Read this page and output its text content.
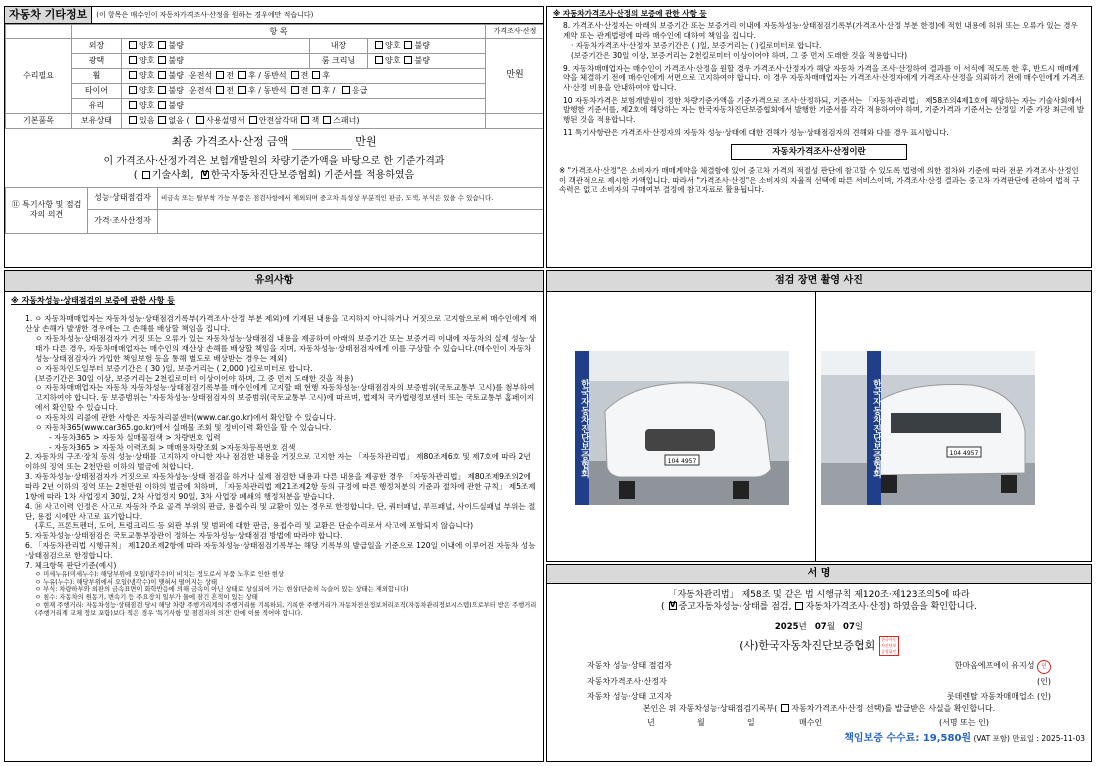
자동차 기타정보	(이 항목은 매수인이 자동차가격조사·산정을 원하는 경우에만 적습니다)
	항 목				가격조사·산정
수리필요	외장	양호 불량	내장	양호 불량	만원
	광택	양호 불량	룸 크리닝	양호 불량	
	휠	양호 불량 운전석 전 후 / 동반석 전 후			
	타이어	양호 불량 운전석 전 후 / 동반석 전 후 / 응급			
	유리	양호 불량			
기본품목	보유상태	있음 없음 ( 사용설명서 안전삼각대 잭 스패너)			
최종 가격조사·산정 금액	만원
이 가격조사·산정가격은 보험개발원의 차량기준가액을 바탕으로 한 기준가격과
( 기술사회, V 한국자동차진단보증협회) 기준서를 적용하였음
⑪ 특기사항 및 점검자의 의견	성능·상태점검자	비금속 또는 탈부착 가능 부품은 점검사항에서 제외되며 중고차 특성상 부분적인 판금, 도색, 부식은 있을 수 있습니다.
	가격·조사산정자	
※ 자동차가격조사·산정의 보증에 관한 사항 등
8. 가격조사·산정자는 아래의 보증기간 또는 보증거리 이내에 자동차성능·상태점검기록부(가격조사·산정 부분 한정)에 적힌 내용에 허위 또는 오류가 있는 경우 계약 또는 관계법령에 따라 매수인에 대하여 책임을 집니다.
· 자동차가격조사·산정자 보증기간은 ( )일, 보증거리는 ( )킬로미터로 합니다.
(보증기간은 30일 이상, 보증거리는 2천킬로미터 이상이어야 하며, 그 중 먼저 도래한 것을 적용합니다)
9. 자동차매매업자는 매수인이 가격조사·산정을 원할 경우 가격조사·산정자가 해당 자동차 가격을 조사·산정하여 결과를 이 서식에 적도록 한 후, 반드시 매매계약을 체결하기 전에 매수인에게 서면으로 고지하여야 합니다. 이 경우 자동차매매업자는 가격조사·산정자에게 가격조사·산정을 의뢰하기 전에 매수인에게 가격조사·산정 비용을 안내하여야 합니다.
10 자동차가격은 보험개발원이 정한 차량기준가액을 기준가격으로 조사·산정하되, 기준서는 「자동차관리법」 제58조의4제1호에 해당하는 자는 기술사회에서 발행한 기준서를, 제2호에 해당하는 자는 한국자동차진단보증협회에서 발행한 기준서를 각각 적용하여야 하며, 기준가격과 기준서는 산정일 기준 가장 최근에 발행된 것을 적용합니다.
11 특기사항란은 가격조사·산정자의 자동차 성능·상태에 대한 견해가 성능·상태점검자의 견해와 다를 경우 표시합니다.
자동차가격조사·산정이란
※ "가격조사·산정"은 소비자가 매매계약을 체결함에 있어 중고차 가격의 적절성 판단에 참고할 수 있도록 법령에 의한 절차와 기준에 따라 전문 가격조사·산정인이 객관적으로 제시한 가액입니다. 따라서 "가격조사·산정"은 소비자의 자율적 선택에 따른 서비스이며, 가격조사·산정 결과는 중고차 가격판단에 관하여 법적 구속력은 없고 소비자의 구매여부 결정에 참고자료로 활용됩니다.
유의사항
※ 자동차성능·상태점검의 보증에 관한 사항 등
1. ㅇ 자동차매매업자는 자동차성능·상태점검기록부(가격조사·산정 부분 제외)에 기재된 내용을 고지하지 아니하거나 거짓으로 고지함으로써 매수인에게 재산상 손해가 발생한 경우에는 그 손해를 배상할 책임을 집니다.
ㅇ 자동차성능·상태점검자가 거짓 또는 오류가 있는 자동차성능·상태점검 내용을 제공하여 아래의 보증기간 또는 보증거리 이내에 자동차의 실제 성능·상태가 다른 경우, 자동차매매업자는 매수인의 재산상 손해를 배상할 책임을 지며, 자동차성능·상태점검자에게 이를 구상할 수 있습니다.(매수인이 자동차성능·상태점검자가 가입한 책임보험 등을 통해 별도로 배상받는 경우는 제외)
ㅇ 자동차인도일부터 보증기간은 ( 30 )일, 보증거리는 ( 2,000 )킬로미터로 합니다.
(보증기간은 30일 이상, 보증거리는 2천킬로미터 이상이어야 하며, 그 중 먼저 도래한 것을 적용)
ㅇ 자동차매매업자는 자동차 자동차성능·상태점검기록부를 매수인에게 고지할 때 현행 자동차성능·상태점검자의 보증범위(국토교통부 고시)를 첨부하여 고지하여야 합니다. 동 보증범위는 '자동차성능·상태점검자의 보증범위(국토교통부 고시)에 따르며, 법제처 국가법령정보센터 또는 국토교통부 홈페이지에서 확인할 수 있습니다.
ㅇ 자동차의 리콜에 관한 사항은 자동차리콜센터(www.car.go.kr)에서 확인할 수 있습니다.
ㅇ 자동차365(www.car365.go.kr)에서 실매물 조회 및 정비이력 확인을 할 수 있습니다.
- 자동차365 > 자동차 실매물검색 > 차량번호 입력
- 자동차365 > 자동차 이력조회 > 매매용차량조회 >자동차등록번호 검색
2. 자동차의 구조·장치 등의 성능·상태를 고지하지 아니한 자나 점검한 내용을 거짓으로 고지한 자는 「자동차관리법」 제80조제6호 및 제7호에 따라 2년 이하의 징역 또는 2천만원 이하의 벌금에 처합니다.
3. 자동차성능·상태점검자가 거짓으로 자동차성능·상태 점검을 하거나 실제 점검한 내용과 다른 내용을 제공한 경우 「자동차관리법」 제80조제9조의2에 따라 2년 이하의 징역 또는 2천만원 이하의 벌금에 처하며, 「자동차관리법 제21조제2항 등의 규정에 따른 행정처분의 기준과 절차에 관한 규칙」 제5조제1항에 따라 1차 사업정지 30일, 2차 사업정지 90일, 3차 사업장 폐쇄의 행정처분을 받습니다.
4. ⑭ 사고이력 인정은 사고로 자동차 주요 골격 부위의 판금, 용접수리 및 교환이 있는 경우로 한정합니다. 단, 쿼터패널, 루프패널, 사이드실패널 부위는 절단, 용접 시에만 사고로 표기합니다.
(후드, 프론트펜더, 도어, 트렁크리드 등 외판 부위 및 범퍼에 대한 판금, 용접수리 및 교환은 단순수리로서 사고에 포함되지 않습니다)
5. 자동차성능·상태점검은 국토교통부장관이 정하는 자동차성능·상태점검 방법에 따라야 합니다.
6. 「자동차관리법 시행규칙」 제120조제2항에 따라 자동차성능·상태점검기록부는 해당 기록부의 발급일을 기준으로 120일 이내에 이루어진 자동차 성능·상태점검으로 한정합니다.
7. 체크항목 판단기준(예시)
ㅇ 미세누유(미세누수): 해당부위에 오일(냉각수)이 비치는 정도로서 부품 노후로 인한 현상
ㅇ 누유(누수): 해당부위에서 오일(냉각수)이 맺혀서 떨어지는 상태
ㅇ 부식: 차량하부와 외판의 금속표면이 화학반응에 의해 금속이 아닌 상태로 상실되어 가는 현상(단순히 녹슬어 있는 상태는 제외합니다)
ㅇ 침수: 자동차의 원동기, 변속기 등 주요장치 일부가 물에 잠긴 흔적이 있는 상태
ㅇ 현재 주행거리: 자동차성능·상태점검 당시 해당 차량 주행거리계의 주행거리를 기록하되, 기록한 주행거리가 자동차전산정보처리조직(자동차관리정보시스템)으로부터 받은 주행거리(주행거리계 교체 정보 포함)보다 적은 경우 '특기사항 및 점검자의 의견' 란에 이를 적어야 합니다.
점검 장면 촬영 사진
104 4957
한국자동차진단보증협회	104 4957
한국자동차진단보증협회
서 명
「자동차관리법」 제58조 및 같은 법 시행규칙 제120조·제123조의5에 따라
( V 중고자동차성능·상태를 점검, 자동차가격조사·산정) 하였음을 확인합니다.
2025년 07월 07일
(사)한국자동차진단보증협회 한국자동차진단보증협회인
자동차 성능·상태 점검자	한마음에프에이 유지성 인
자동차가격조사·산정자	(인)
자동차 성능·상태 고지자	롯데렌탈 자동차매매업소 (인)
본인은 위 자동차성능·상태점검기록부( 자동차가격조사·산정 선택)를 발급받은 사실을 확인합니다.
년	월	일	매수인	(서명 또는 인)
책임보증 수수료: 19,580원 (VAT 포함) 만료일 : 2025-11-03
